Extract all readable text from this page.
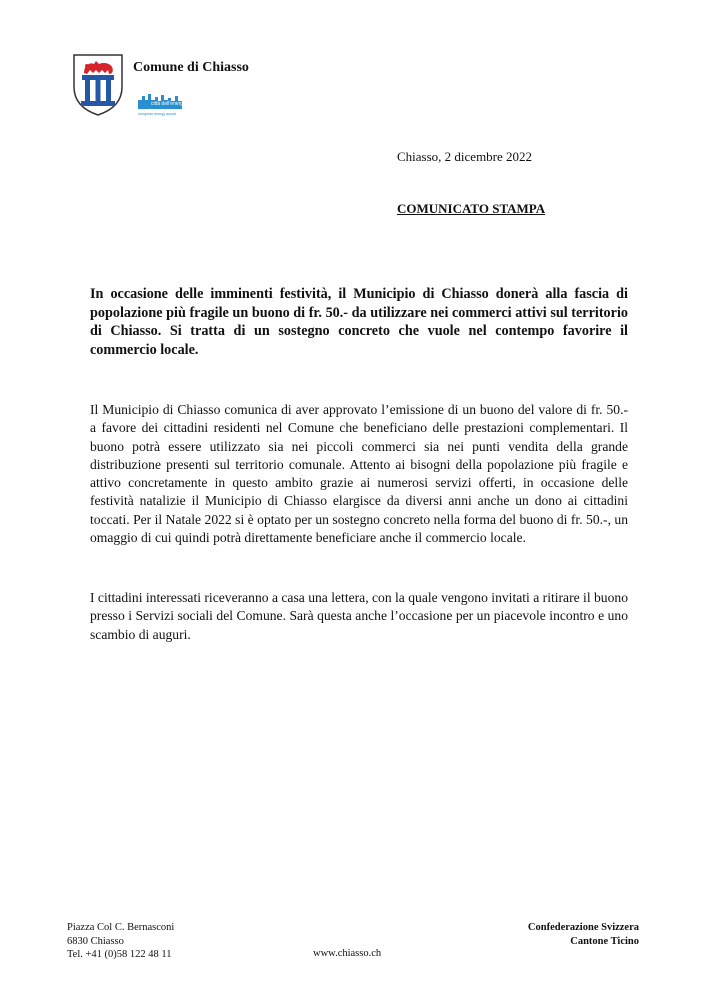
Comune di Chiasso
città dell'energia
european energy award
Chiasso, 2 dicembre 2022
COMUNICATO STAMPA
In occasione delle imminenti festività, il Municipio di Chiasso donerà alla fascia di popolazione più fragile un buono di fr. 50.- da utilizzare nei commerci attivi sul territorio di Chiasso. Si tratta di un sostegno concreto che vuole nel contempo favorire il commercio locale.
Il Municipio di Chiasso comunica di aver approvato l’emissione di un buono del valore di fr. 50.- a favore dei cittadini residenti nel Comune che beneficiano delle prestazioni complementari. Il buono potrà essere utilizzato sia nei piccoli commerci sia nei punti vendita della grande distribuzione presenti sul territorio comunale. Attento ai bisogni della popolazione più fragile e attivo concretamente in questo ambito grazie ai numerosi servizi offerti, in occasione delle festività natalizie il Municipio di Chiasso elargisce da diversi anni anche un dono ai cittadini toccati. Per il Natale 2022 si è optato per un sostegno concreto nella forma del buono di fr. 50.-, un omaggio di cui quindi potrà direttamente beneficiare anche il commercio locale.
I cittadini interessati riceveranno a casa una lettera, con la quale vengono invitati a ritirare il buono presso i Servizi sociali del Comune. Sarà questa anche l’occasione per un piacevole incontro e uno scambio di auguri.
Piazza Col C. Bernasconi
6830 Chiasso
Tel. +41 (0)58 122 48 11	www.chiasso.ch
Confederazione Svizzera
Cantone Ticino
